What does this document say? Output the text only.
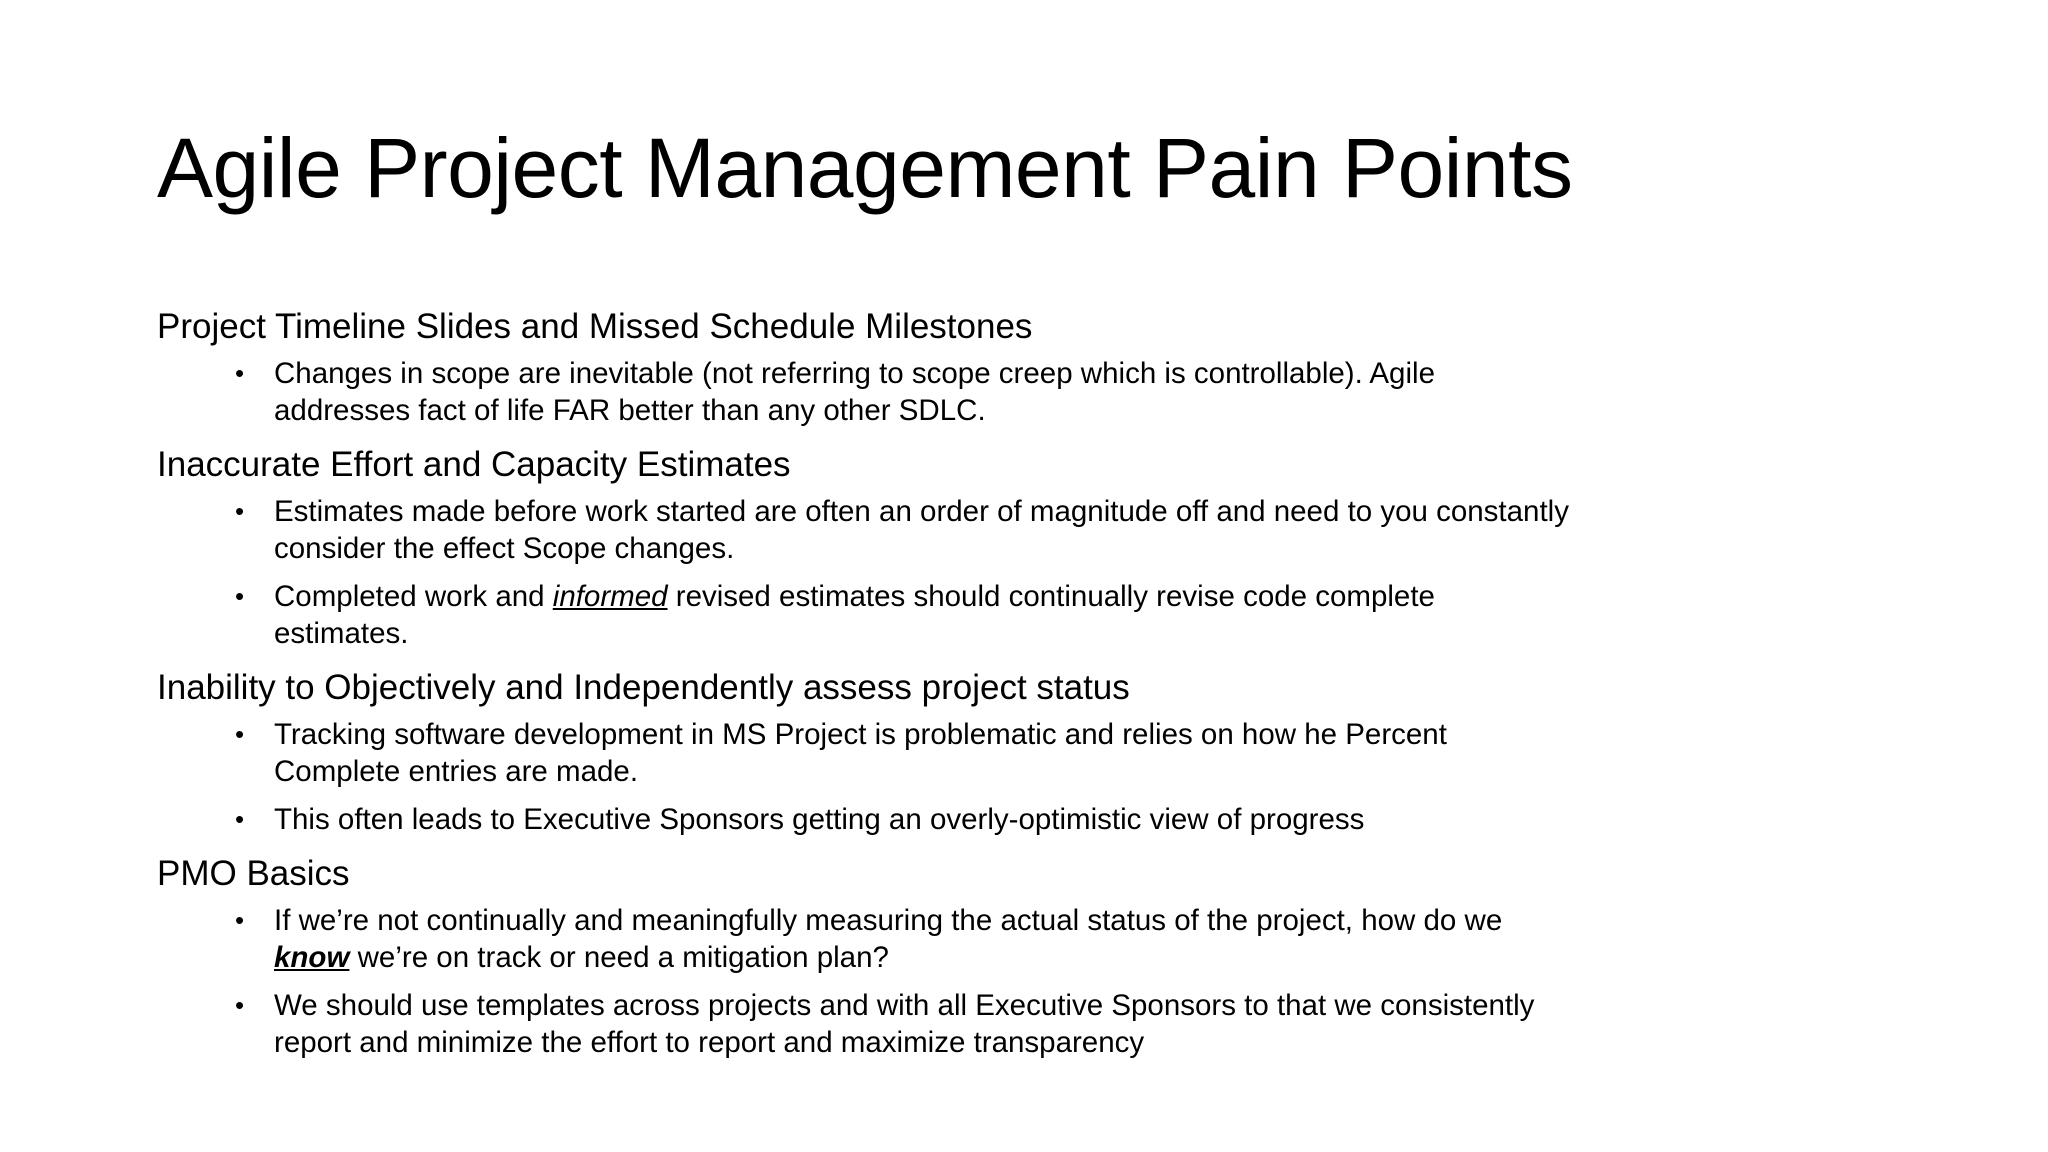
Agile Project Management Pain Points
Project Timeline Slides and Missed Schedule Milestones
• Changes in scope are inevitable (not referring to scope creep which is controllable). Agile addresses fact of life FAR better than any other SDLC.
Inaccurate Effort and Capacity Estimates
• Estimates made before work started are often an order of magnitude off and need to you constantly consider the effect Scope changes.
• Completed work and informed revised estimates should continually revise code complete estimates.
Inability to Objectively and Independently assess project status
• Tracking software development in MS Project is problematic and relies on how he Percent Complete entries are made.
• This often leads to Executive Sponsors getting an overly-optimistic view of progress
PMO Basics
• If we’re not continually and meaningfully measuring the actual status of the project, how do we know we’re on track or need a mitigation plan?
• We should use templates across projects and with all Executive Sponsors to that we consistently report and minimize the effort to report and maximize transparency
